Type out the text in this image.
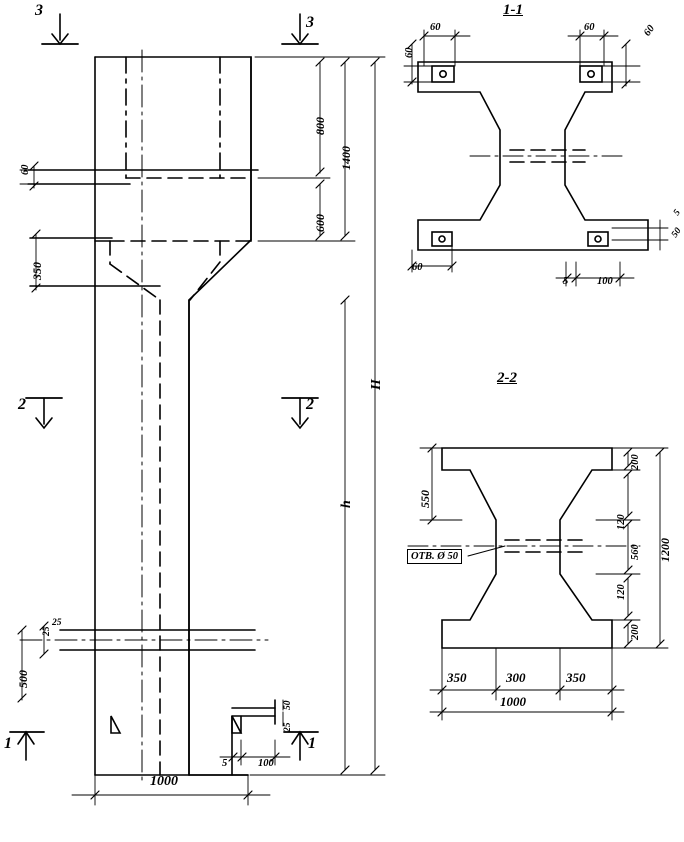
1-1
2-2
3
3
2	2
1	1
60
800
1400
600
350
H
h
25
25
500
50
25
5	100
1000
60
60
60	60
60
5
50
5	100
550
200
120
560 1200
120
200
350	300	350
1000
ОТВ. Ø 50
